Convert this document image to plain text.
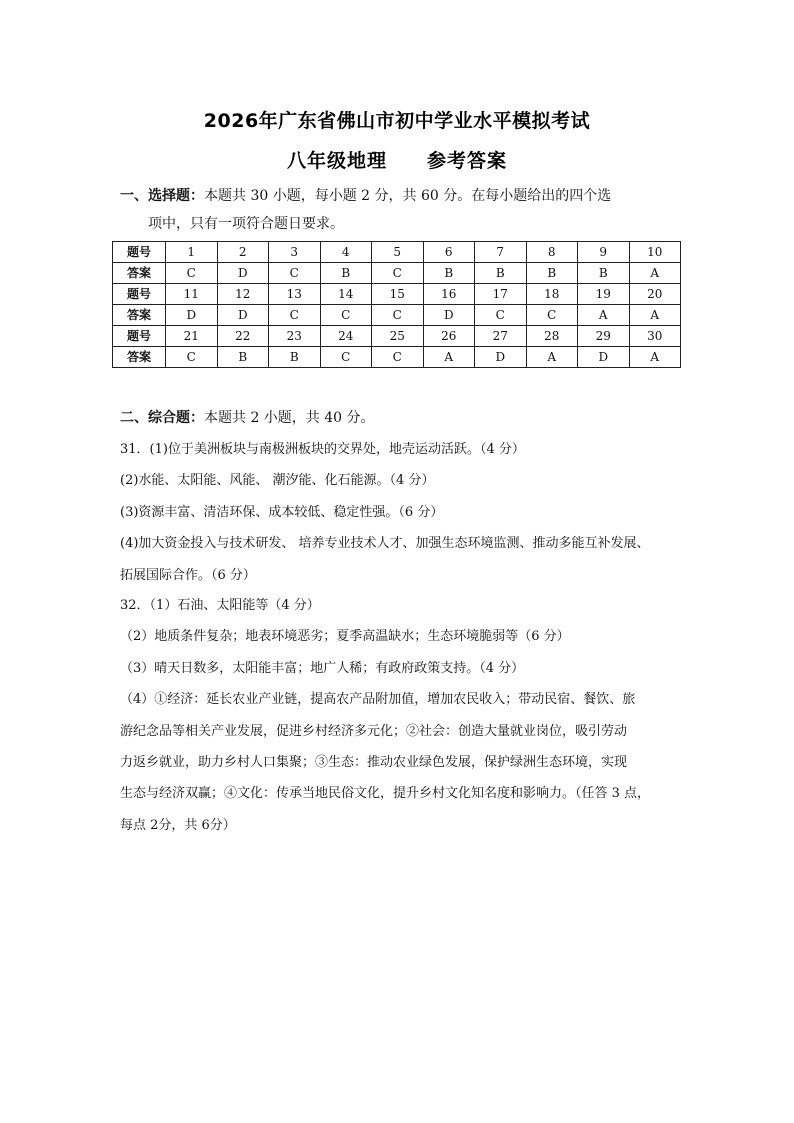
2026年广东省佛山市初中学业水平模拟考试
八年级地理 参考答案
一、选择题：本题共 30 小题，每小题 2 分，共 60 分。在每小题给出的四个选
项中，只有一项符合题日要求。
题号	1	2	3	4	5	6	7	8	9	10
答案	C	D	C	B	C	B	B	B	B	A
题号	11	12	13	14	15	16	17	18	19	20
答案	D	D	C	C	C	D	C	C	A	A
题号	21	22	23	24	25	26	27	28	29	30
答案	C	B	B	C	C	A	D	A	D	A
二、综合题：本题共 2 小题，共 40 分。
31．(1)位于美洲板块与南极洲板块的交界处，地壳运动活跃。（4 分）
(2)水能、太阳能、风能、 潮汐能、化石能源。（4 分）
(3)资源丰富、清洁环保、成本较低、稳定性强。（6 分）
(4)加大资金投入与技术研发、 培养专业技术人才、加强生态环境监测、推动多能互补发展、
拓展国际合作。（6 分）
32．（1）石油、太阳能等（4 分）
（2）地质条件复杂；地表环境恶劣；夏季高温缺水；生态环境脆弱等（6 分）
（3）晴天日数多，太阳能丰富；地广人稀；有政府政策支持。（4 分）
（4）①经济：延长农业产业链，提高农产品附加值，增加农民收入；带动民宿、餐饮、旅
游纪念品等相关产业发展，促进乡村经济多元化；②社会：创造大量就业岗位，吸引劳动
力返乡就业，助力乡村人口集聚；③生态：推动农业绿色发展，保护绿洲生态环境，实现
生态与经济双赢；④文化：传承当地民俗文化，提升乡村文化知名度和影响力。（任答 3 点，
每点 2分，共 6分）
